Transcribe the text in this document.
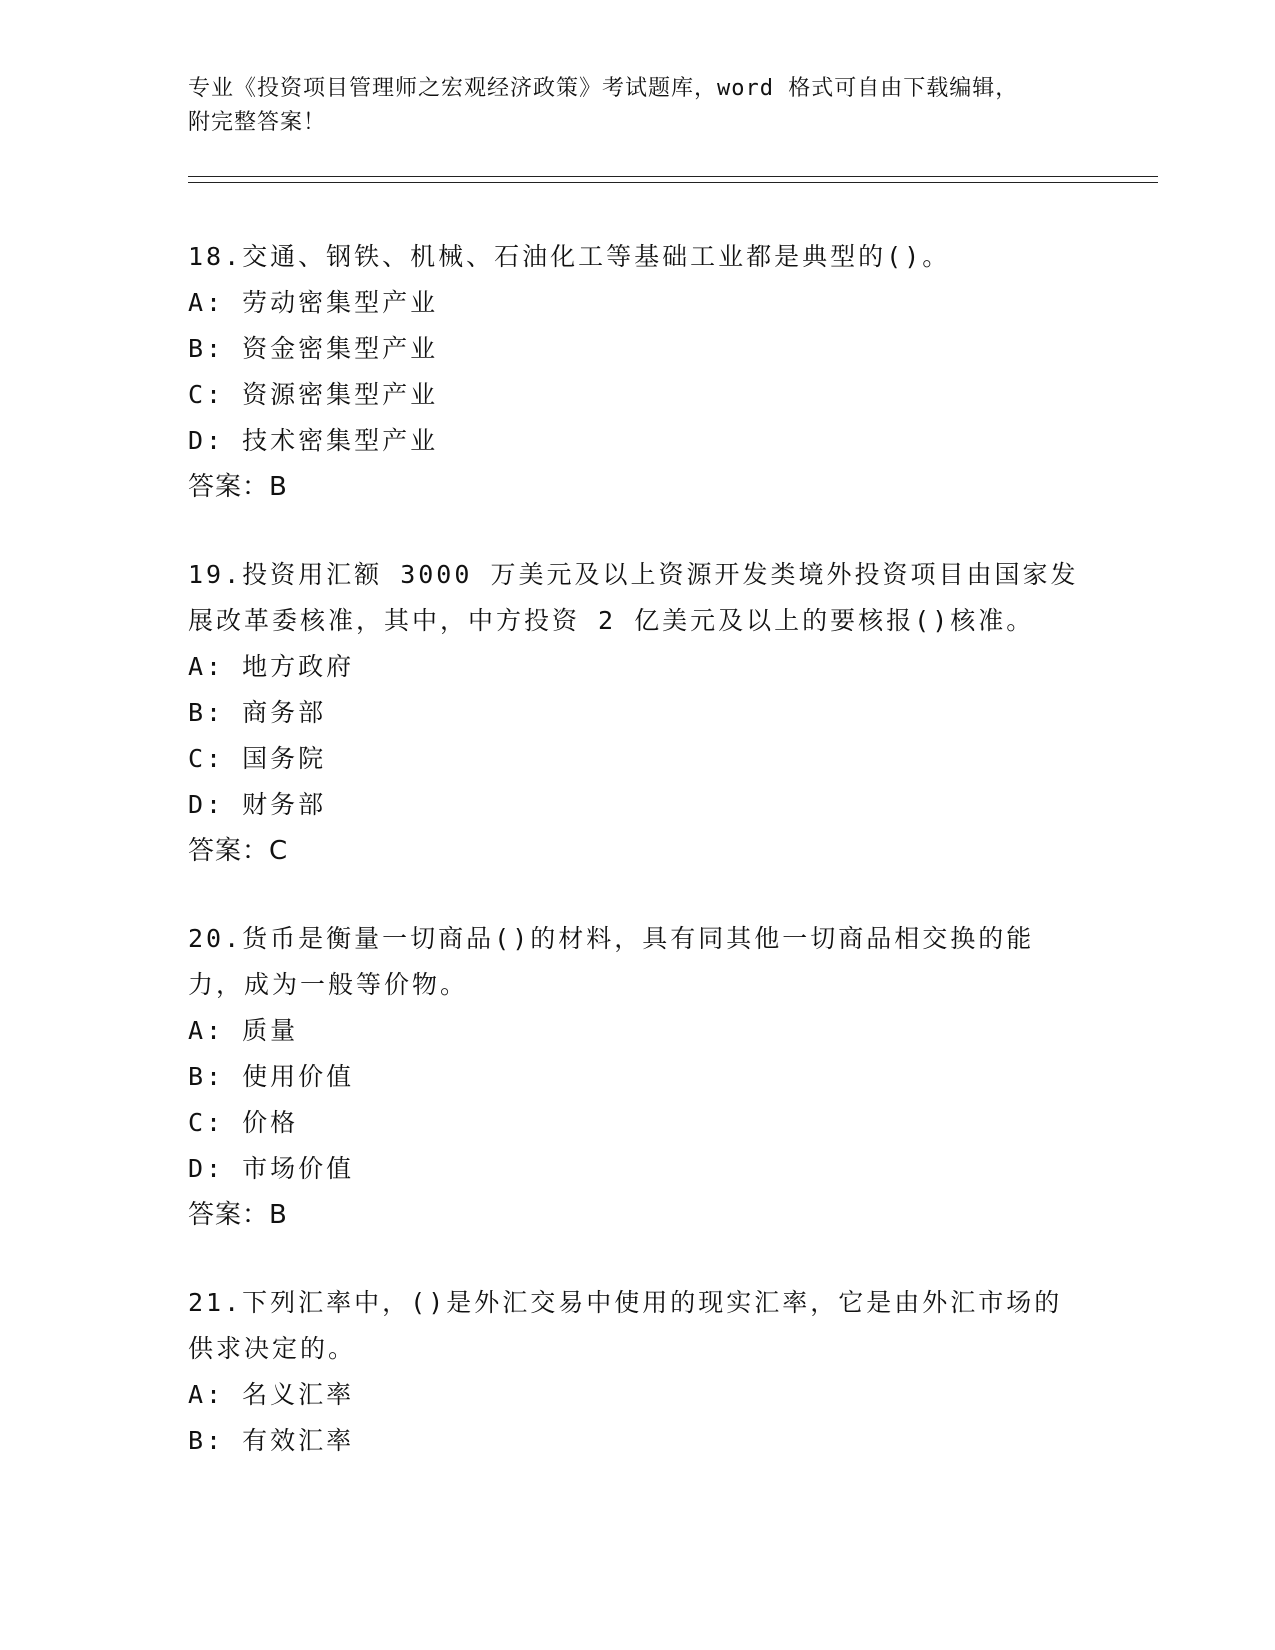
专业《投资项目管理师之宏观经济政策》考试题库，word 格式可自由下载编辑，
附完整答案！
18.交通、钢铁、机械、石油化工等基础工业都是典型的()。
A: 劳动密集型产业
B: 资金密集型产业
C: 资源密集型产业
D: 技术密集型产业
答案：B
19.投资用汇额 3000 万美元及以上资源开发类境外投资项目由国家发展改革委核准，其中，中方投资 2 亿美元及以上的要核报()核准。
A: 地方政府
B: 商务部
C: 国务院
D: 财务部
答案：C
20.货币是衡量一切商品()的材料，具有同其他一切商品相交换的能力，成为一般等价物。
A: 质量
B: 使用价值
C: 价格
D: 市场价值
答案：B
21.下列汇率中，()是外汇交易中使用的现实汇率，它是由外汇市场的供求决定的。
A: 名义汇率
B: 有效汇率
